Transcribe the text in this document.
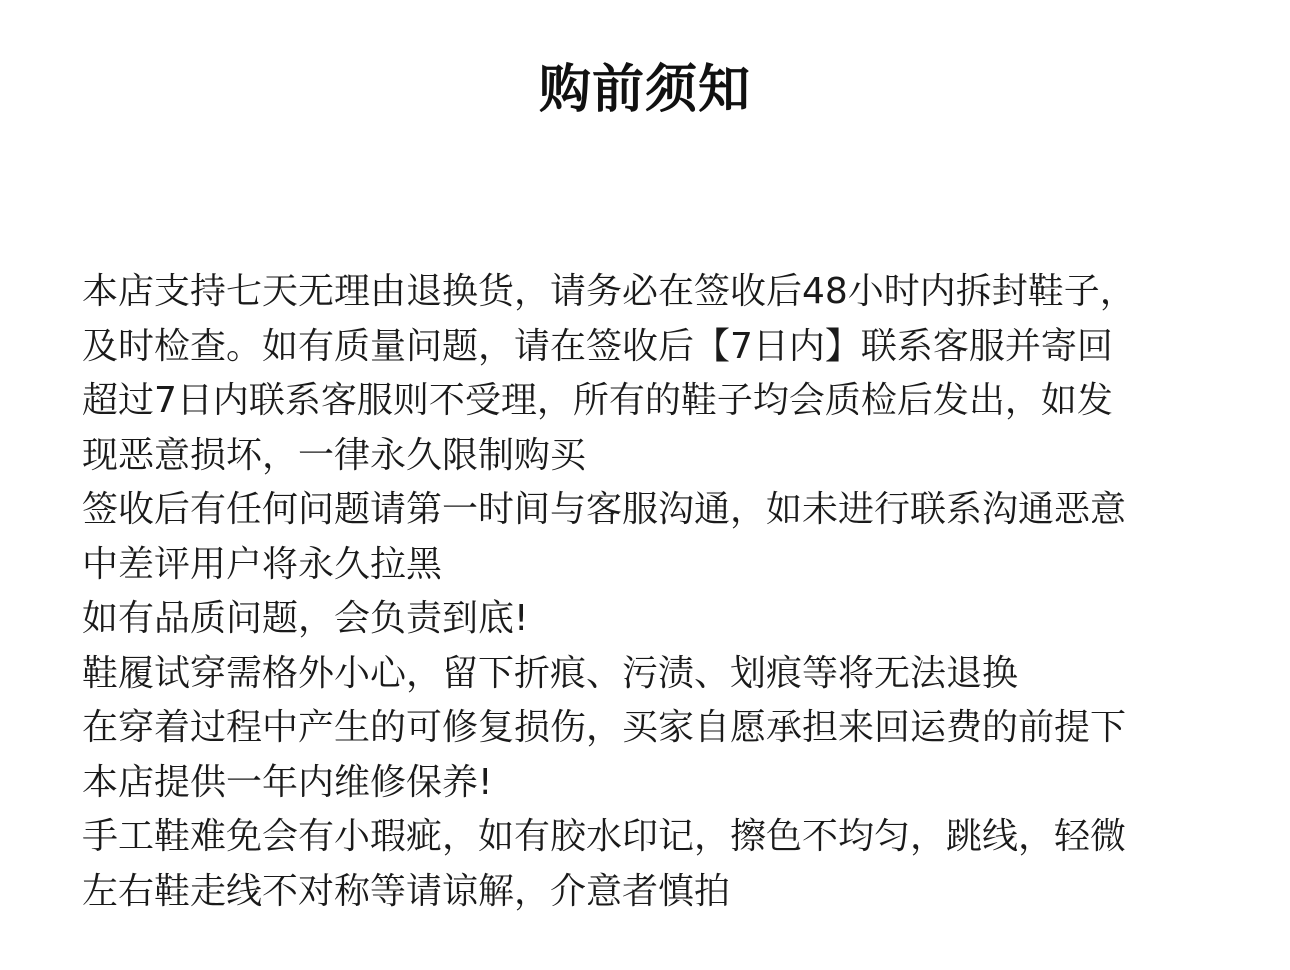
购前须知
本店支持七天无理由退换货，请务必在签收后48小时内拆封鞋子，
及时检查。如有质量问题，请在签收后【7日内】联系客服并寄回
超过7日内联系客服则不受理，所有的鞋子均会质检后发出，如发
现恶意损坏，一律永久限制购买
签收后有任何问题请第一时间与客服沟通，如未进行联系沟通恶意
中差评用户将永久拉黑
如有品质问题，会负责到底!
鞋履试穿需格外小心，留下折痕、污渍、划痕等将无法退换
在穿着过程中产生的可修复损伤，买家自愿承担来回运费的前提下
本店提供一年内维修保养!
手工鞋难免会有小瑕疵，如有胶水印记，擦色不均匀，跳线，轻微
左右鞋走线不对称等请谅解，介意者慎拍
